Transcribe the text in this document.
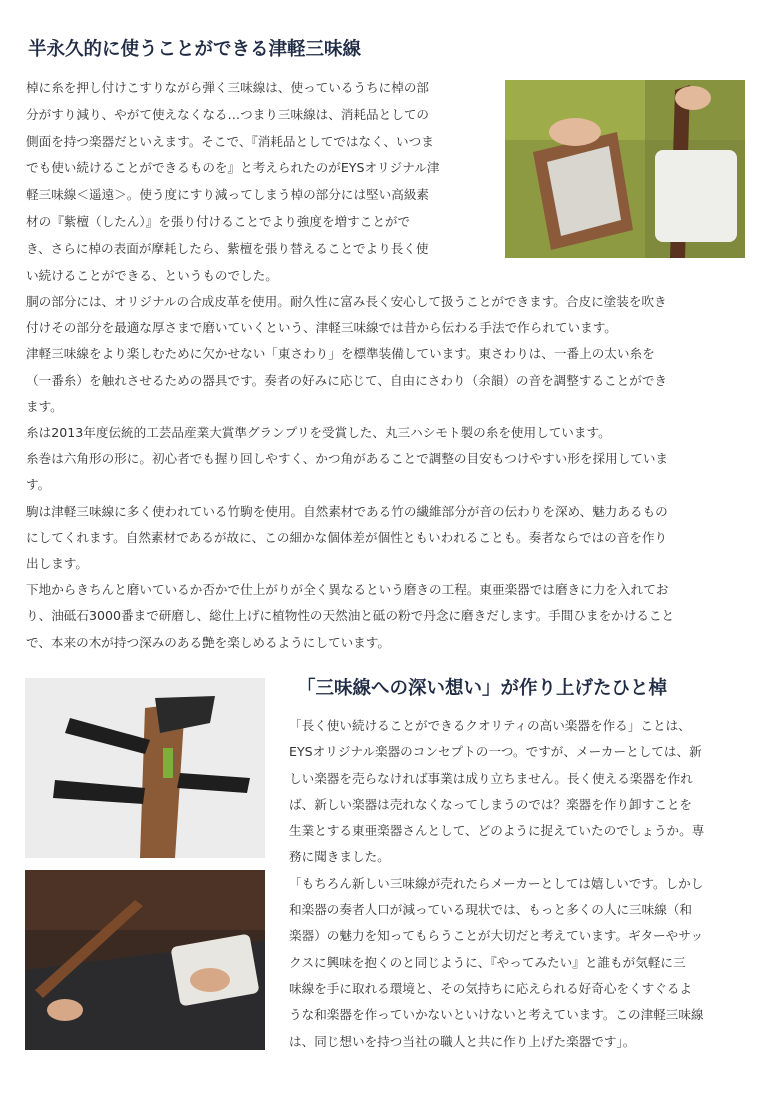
半永久的に使うことができる津軽三味線

棹に糸を押し付けこすりながら弾く三味線は、使っているうちに棹の部

分がすり減り、やがて使えなくなる…つまり三味線は、消耗品としての

側面を持つ楽器だといえます。そこで、『消耗品としてではなく、いつま

でも使い続けることができるものを』と考えられたのがEYSオリジナル津

軽三味線＜遥遠＞。使う度にすり減ってしまう棹の部分には堅い高級素

材の『紫檀（したん）』を張り付けることでより強度を増すことがで

き、さらに棹の表面が摩耗したら、紫檀を張り替えることでより長く使

い続けることができる、というものでした。

胴の部分には、オリジナルの合成皮革を使用。耐久性に富み長く安心して扱うことができます。合皮に塗装を吹き

付けその部分を最適な厚さまで磨いていくという、津軽三味線では昔から伝わる手法で作られています。

津軽三味線をより楽しむために欠かせない「東さわり」を標準装備しています。東さわりは、一番上の太い糸を

（一番糸）を触れさせるための器具です。奏者の好みに応じて、自由にさわり（余韻）の音を調整することができ

ます。

糸は2013年度伝統的工芸品産業大賞準グランプリを受賞した、丸三ハシモト製の糸を使用しています。

糸巻は六角形の形に。初心者でも握り回しやすく、かつ角があることで調整の目安もつけやすい形を採用していま

す。

駒は津軽三味線に多く使われている竹駒を使用。自然素材である竹の繊維部分が音の伝わりを深め、魅力あるもの

にしてくれます。自然素材であるが故に、この細かな個体差が個性ともいわれることも。奏者ならではの音を作り

出します。

下地からきちんと磨いているか否かで仕上がりが全く異なるという磨きの工程。東亜楽器では磨きに力を入れてお

り、油砥石3000番まで研磨し、総仕上げに植物性の天然油と砥の粉で丹念に磨きだします。手間ひまをかけること

で、本来の木が持つ深みのある艶を楽しめるようにしています。

「三味線への深い想い」が作り上げたひと棹

「長く使い続けることができるクオリティの高い楽器を作る」ことは、

EYSオリジナル楽器のコンセプトの一つ。ですが、メーカーとしては、新

しい楽器を売らなければ事業は成り立ちません。長く使える楽器を作れ

ば、新しい楽器は売れなくなってしまうのでは？楽器を作り卸すことを

生業とする東亜楽器さんとして、どのように捉えていたのでしょうか。専

務に聞きました。

「もちろん新しい三味線が売れたらメーカーとしては嬉しいです。しかし

和楽器の奏者人口が減っている現状では、もっと多くの人に三味線（和

楽器）の魅力を知ってもらうことが大切だと考えています。ギターやサッ

クスに興味を抱くのと同じように、『やってみたい』と誰もが気軽に三

味線を手に取れる環境と、その気持ちに応えられる好奇心をくすぐるよ

うな和楽器を作っていかないといけないと考えています。この津軽三味線

は、同じ想いを持つ当社の職人と共に作り上げた楽器です」。
